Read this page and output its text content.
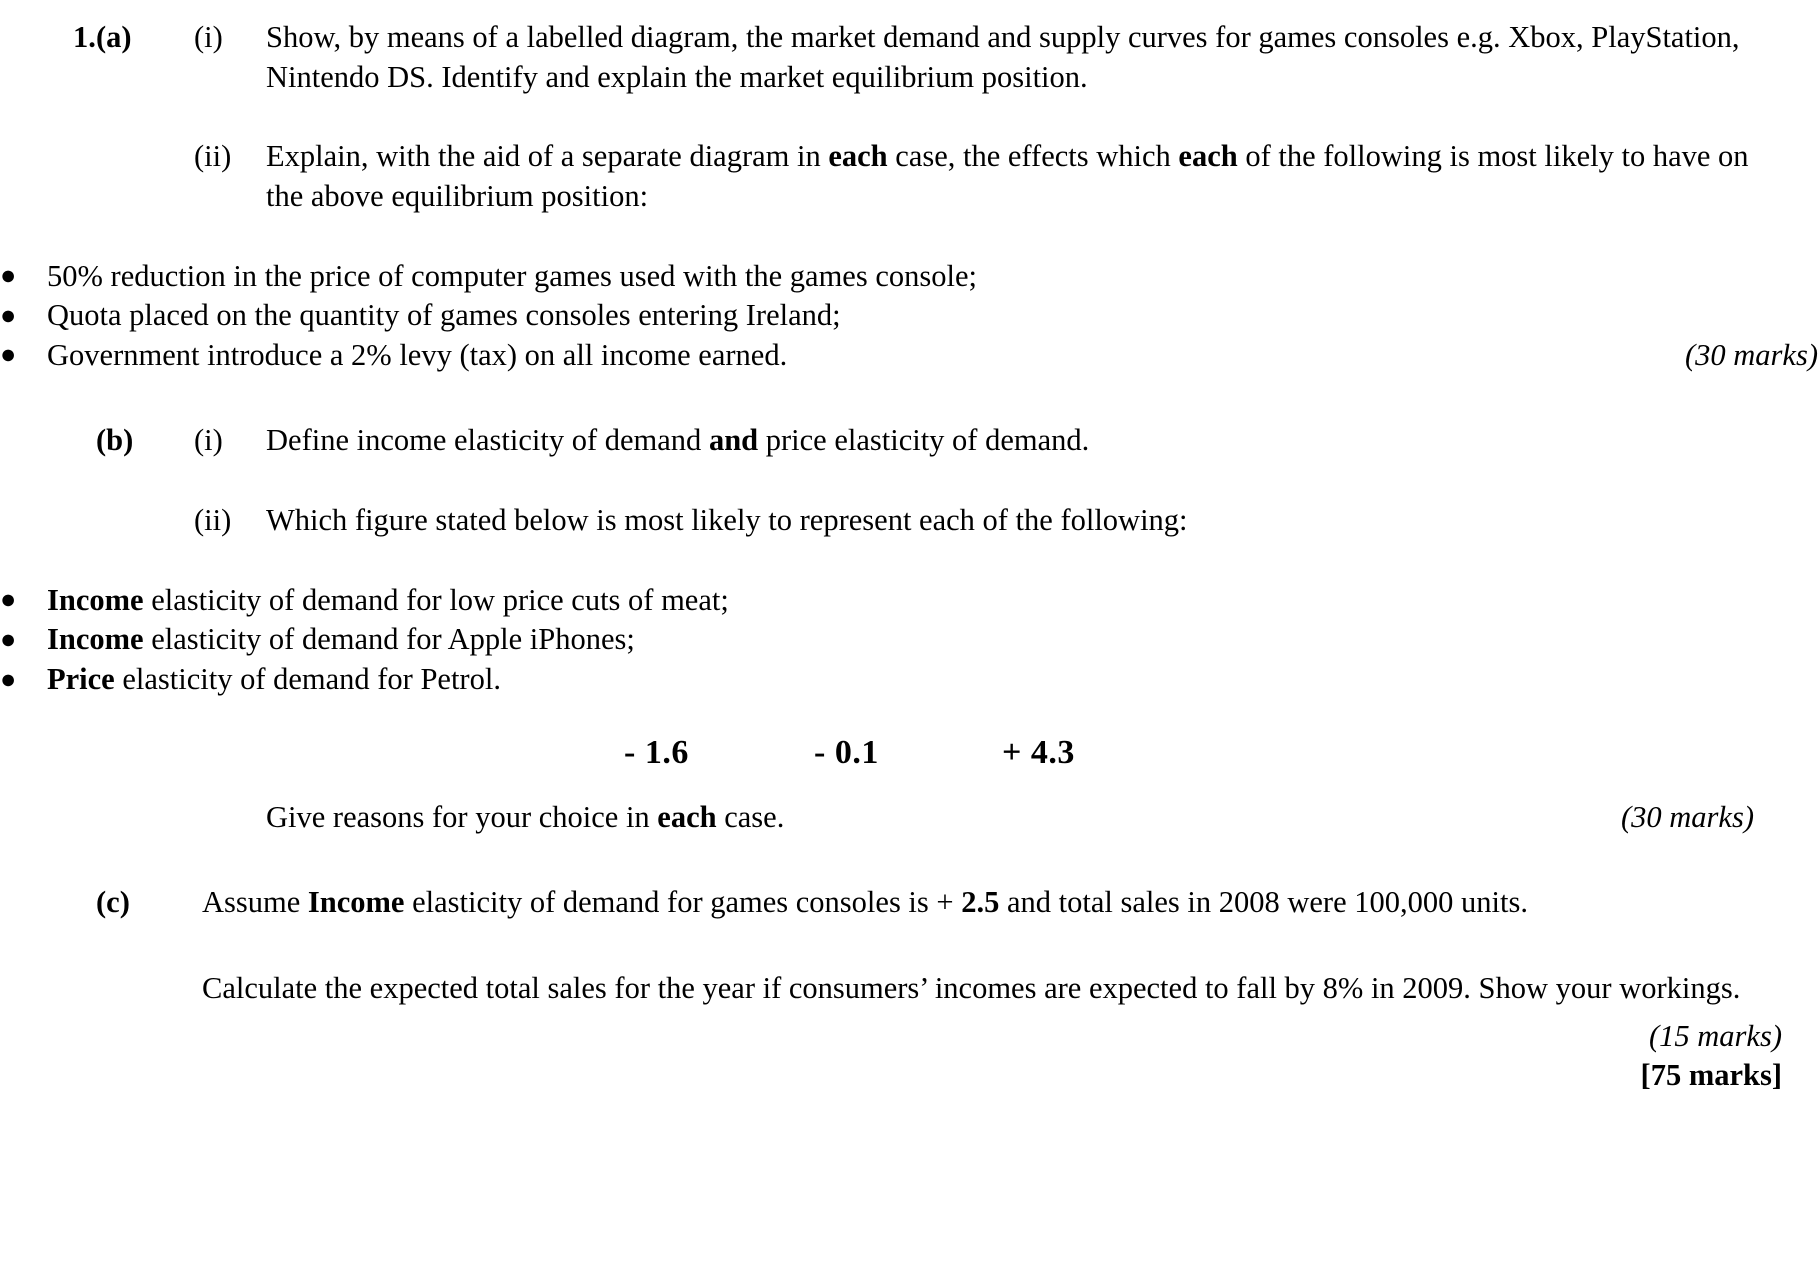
1. (a)	(i)	Show, by means of a labelled diagram, the market demand and supply curves for games consoles e.g. Xbox, PlayStation, Nintendo DS. Identify and explain the market equilibrium position.
(ii)	Explain, with the aid of a separate diagram in each case, the effects which each of the following is most likely to have on the above equilibrium position:
● 50% reduction in the price of computer games used with the games console;
● Quota placed on the quantity of games consoles entering Ireland;
● Government introduce a 2% levy (tax) on all income earned.	(30 marks)
(b)	(i)	Define income elasticity of demand and price elasticity of demand.
(ii)	Which figure stated below is most likely to represent each of the following:
● Income elasticity of demand for low price cuts of meat;
● Income elasticity of demand for Apple iPhones;
● Price elasticity of demand for Petrol.
- 1.6	- 0.1	+ 4.3
Give reasons for your choice in each case.	(30 marks)
(c)	Assume Income elasticity of demand for games consoles is + 2.5 and total sales in 2008 were 100,000 units.
Calculate the expected total sales for the year if consumers’ incomes are expected to fall by 8% in 2009. Show your workings.
(15 marks)
[75 marks]
